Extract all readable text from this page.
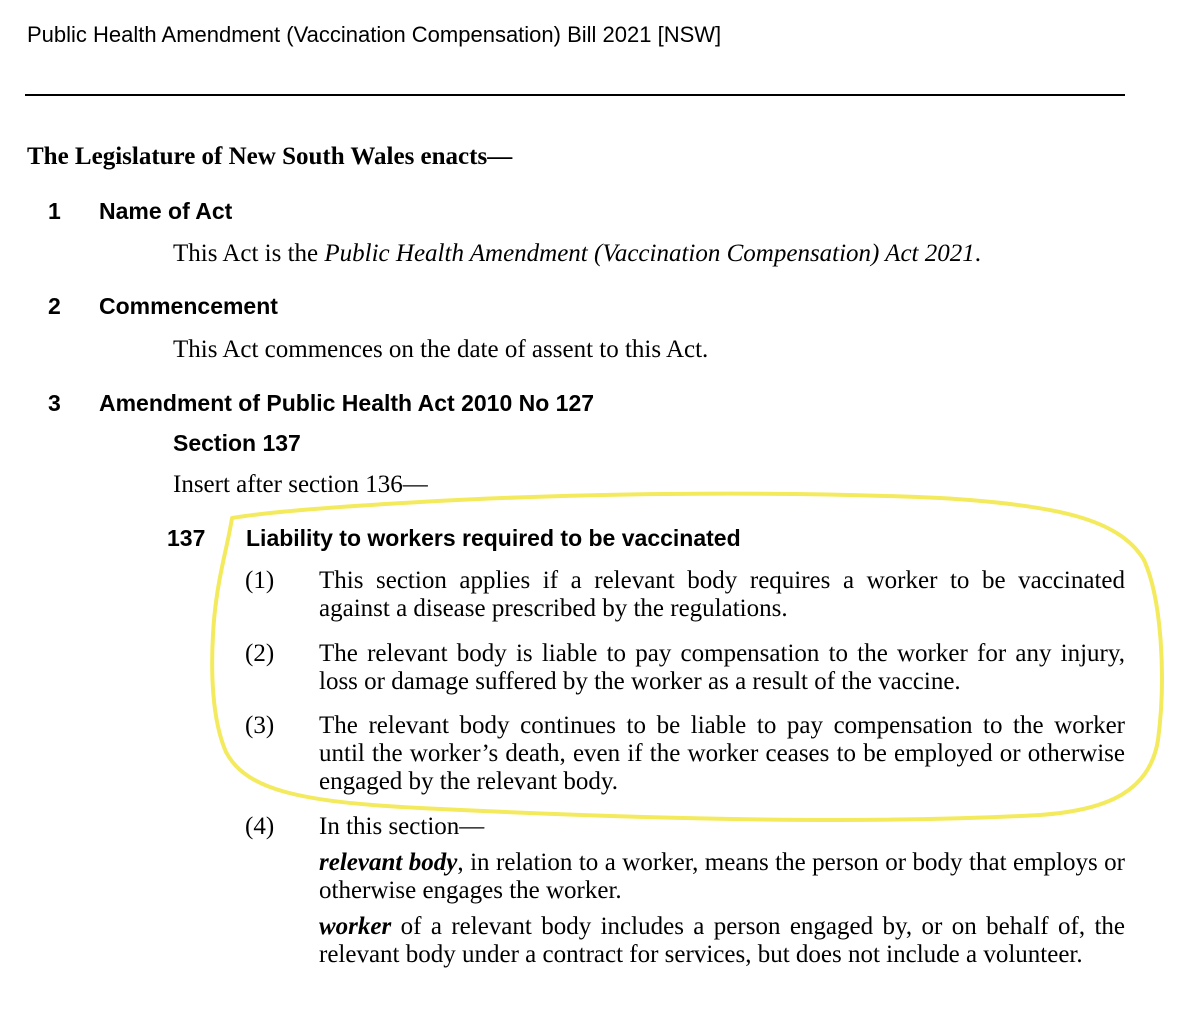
Public Health Amendment (Vaccination Compensation) Bill 2021 [NSW]
The Legislature of New South Wales enacts—
1 Name of Act
This Act is the Public Health Amendment (Vaccination Compensation) Act 2021.
2 Commencement
This Act commences on the date of assent to this Act.
3 Amendment of Public Health Act 2010 No 127
Section 137
Insert after section 136—
137 Liability to workers required to be vaccinated
(1)	This section applies if a relevant body requires a worker to be vaccinated against a disease prescribed by the regulations.
(2)	The relevant body is liable to pay compensation to the worker for any injury, loss or damage suffered by the worker as a result of the vaccine.
(3)	The relevant body continues to be liable to pay compensation to the worker until the worker’s death, even if the worker ceases to be employed or otherwise engaged by the relevant body.
(4)	In this section—
relevant body, in relation to a worker, means the person or body that employs or otherwise engages the worker.
worker of a relevant body includes a person engaged by, or on behalf of, the relevant body under a contract for services, but does not include a volunteer.
